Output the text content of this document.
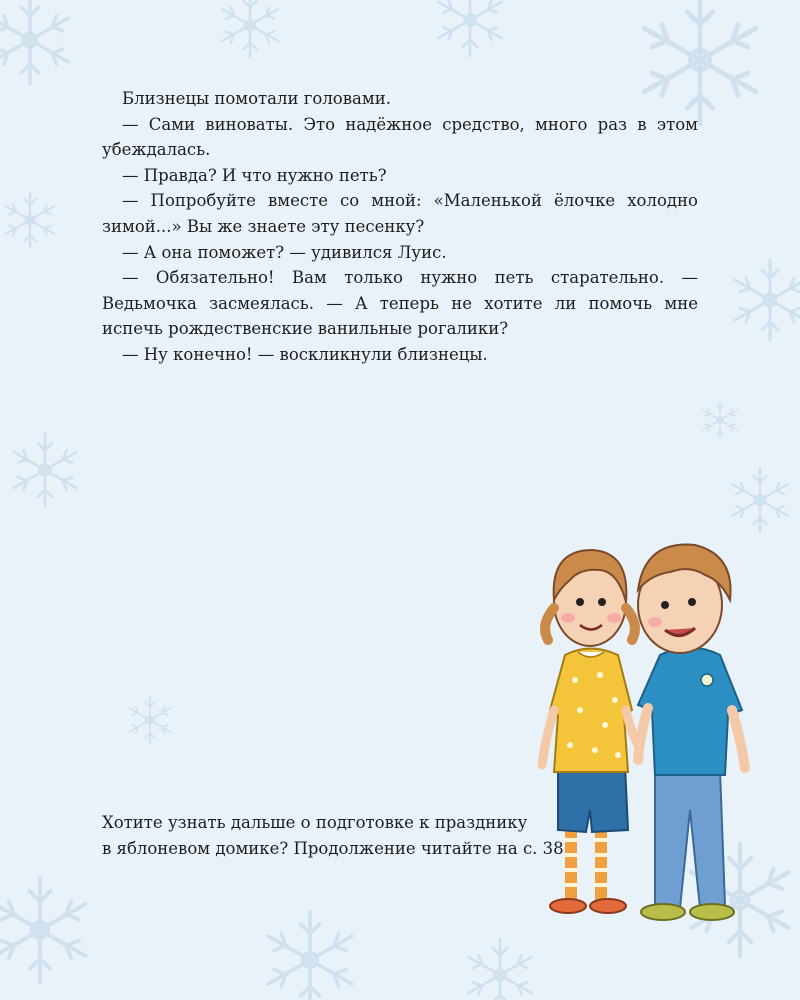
Близнецы помотали головами.

— Сами виноваты. Это надёжное средство, много раз в этом убеждалась.

— Правда? И что нужно петь?

— Попробуйте вместе со мной: «Маленькой ёлочке холодно зимой...» Вы же знаете эту песенку?

— А она поможет? — удивился Луис.

— Обязательно! Вам только нужно петь старательно. — Ведьмочка засмеялась. — А теперь не хотите ли помочь мне испечь рождественские ванильные рогалики?

— Ну конечно! — воскликнули близнецы.

Хотите узнать дальше о подготовке к празднику
в яблоневом домике? Продолжение читайте на с. 38
